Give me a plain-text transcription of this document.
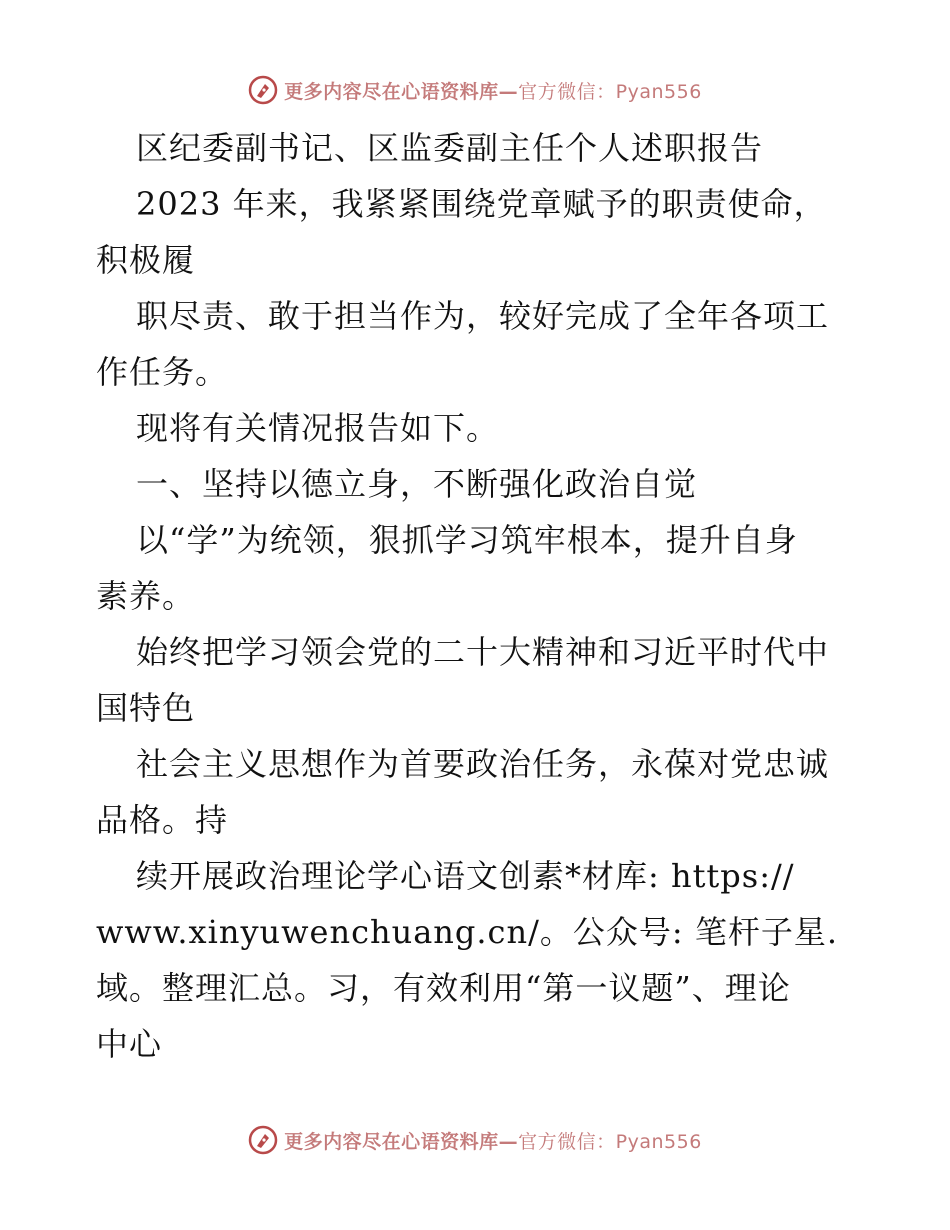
更多内容尽在心语资料库—官方微信：Pyan556
区纪委副书记、区监委副主任个人述职报告
2023 年来，我紧紧围绕党章赋予的职责使命，
积极履
职尽责、敢于担当作为，较好完成了全年各项工
作任务。
现将有关情况报告如下。
一、坚持以德立身，不断强化政治自觉
以“学”为统领，狠抓学习筑牢根本，提升自身
素养。
始终把学习领会党的二十大精神和习近平时代中
国特色
社会主义思想作为首要政治任务，永葆对党忠诚
品格。持
续开展政治理论学心语文创素*材库: https://
www.xinyuwenchuang.cn/。公众号: 笔杆子星.
域。整理汇总。习，有效利用“第一议题”、理论
中心
更多内容尽在心语资料库—官方微信：Pyan556
